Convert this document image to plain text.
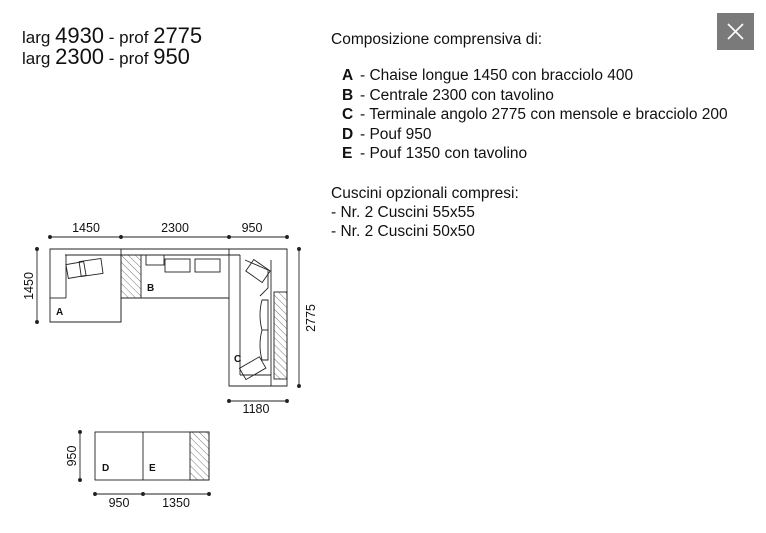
larg 4930 - prof 2775
larg 2300 - prof 950

Composizione comprensiva di:

A - Chaise longue 1450 con bracciolo 400
B - Centrale 2300 con tavolino
C - Terminale angolo 2775 con mensole e bracciolo 200
D - Pouf 950
E - Pouf 1350 con tavolino

Cuscini opzionali compresi:

- Nr. 2 Cuscini 55x55
- Nr. 2 Cuscini 50x50
1450	2300	950
1450
2775
1180
A
B
C
D	E
950
950	1350
